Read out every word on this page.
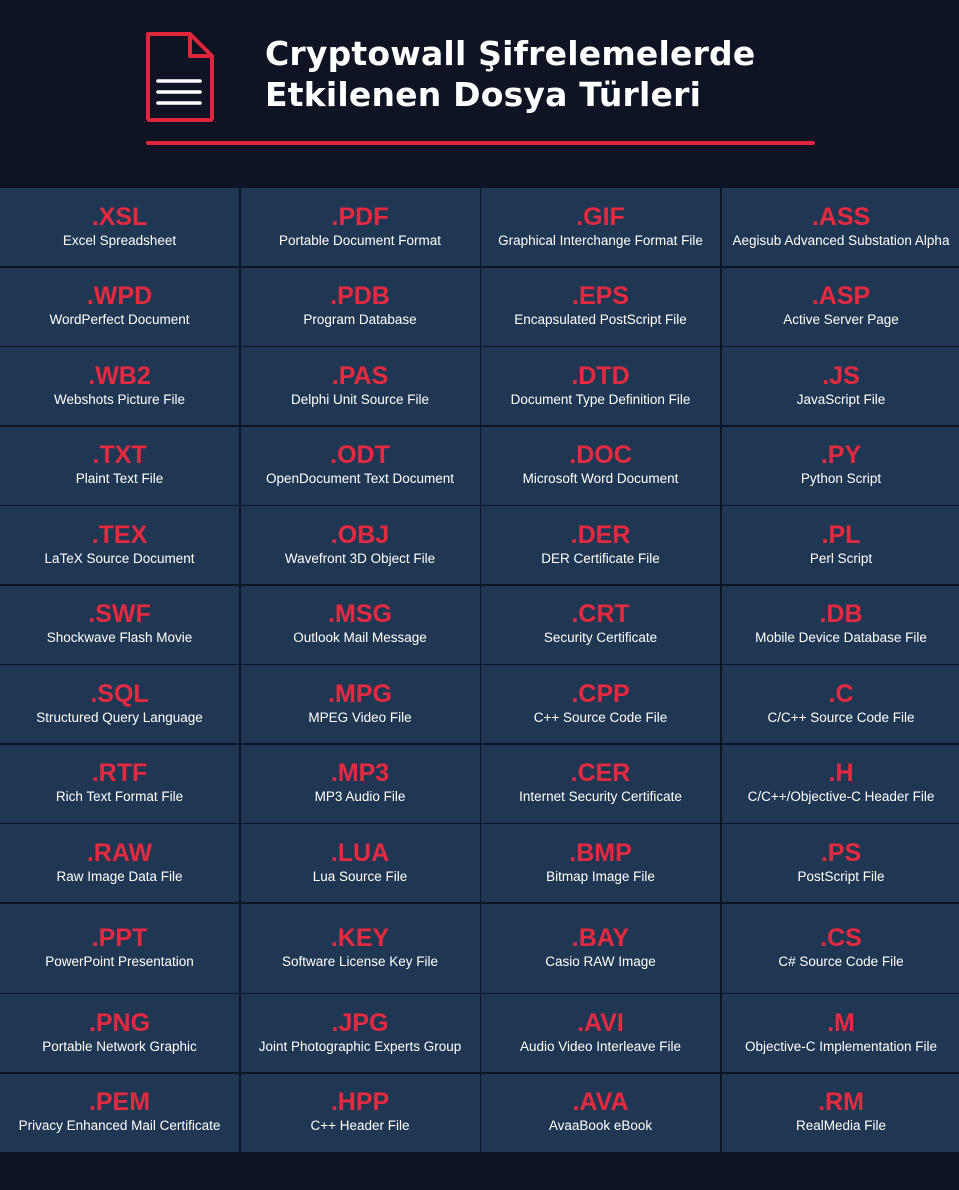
Cryptowall Şifrelemelerde
Etkilenen Dosya Türleri
.XSL
Excel Spreadsheet
.PDF
Portable Document Format
.GIF
Graphical Interchange Format File
.ASS
Aegisub Advanced Substation Alpha
.WPD
WordPerfect Document
.PDB
Program Database
.EPS
Encapsulated PostScript File
.ASP
Active Server Page
.WB2
Webshots Picture File
.PAS
Delphi Unit Source File
.DTD
Document Type Definition File
.JS
JavaScript File
.TXT
Plaint Text File
.ODT
OpenDocument Text Document
.DOC
Microsoft Word Document
.PY
Python Script
.TEX
LaTeX Source Document
.OBJ
Wavefront 3D Object File
.DER
DER Certificate File
.PL
Perl Script
.SWF
Shockwave Flash Movie
.MSG
Outlook Mail Message
.CRT
Security Certificate
.DB
Mobile Device Database File
.SQL
Structured Query Language
.MPG
MPEG Video File
.CPP
C++ Source Code File
.C
C/C++ Source Code File
.RTF
Rich Text Format File
.MP3
MP3 Audio File
.CER
Internet Security Certificate
.H
C/C++/Objective-C Header File
.RAW
Raw Image Data File
.LUA
Lua Source File
.BMP
Bitmap Image File
.PS
PostScript File
.PPT
PowerPoint Presentation
.KEY
Software License Key File
.BAY
Casio RAW Image
.CS
C# Source Code File
.PNG
Portable Network Graphic
.JPG
Joint Photographic Experts Group
.AVI
Audio Video Interleave File
.M
Objective-C Implementation File
.PEM
Privacy Enhanced Mail Certificate
.HPP
C++ Header File
.AVA
AvaaBook eBook
.RM
RealMedia File
